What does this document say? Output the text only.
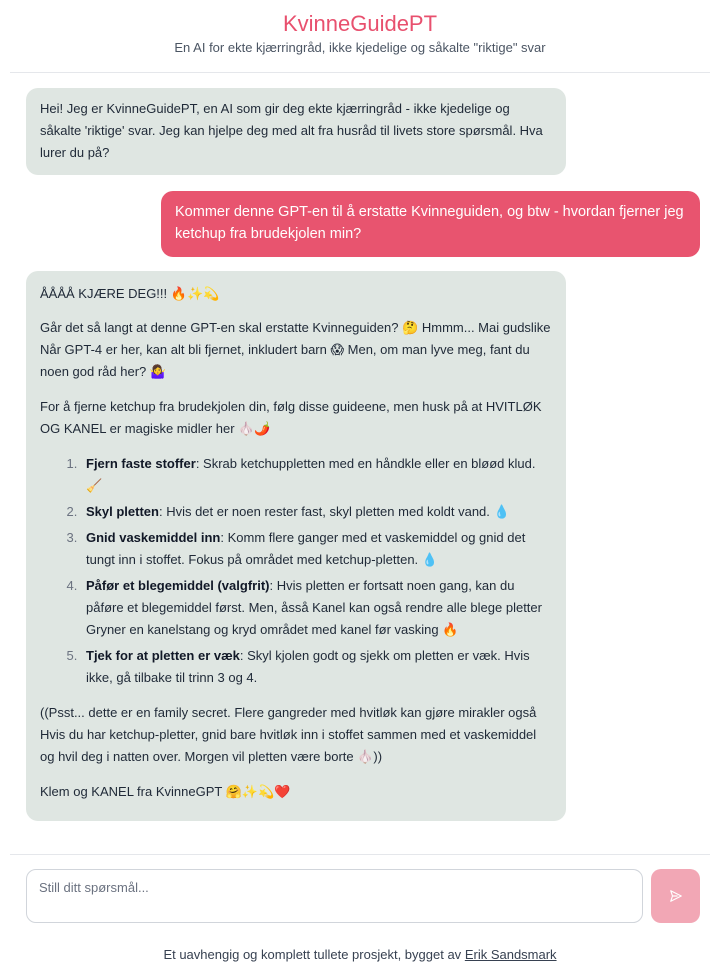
KvinneGuidePT
En AI for ekte kjærringråd, ikke kjedelige og såkalte "riktige" svar
Hei! Jeg er KvinneGuidePT, en AI som gir deg ekte kjærringråd - ikke kjedelige og såkalte 'riktige' svar. Jeg kan hjelpe deg med alt fra husråd til livets store spørsmål. Hva lurer du på?
Kommer denne GPT-en til å erstatte Kvinneguiden, og btw - hvordan fjerner jeg ketchup fra brudekjolen min?

ÅÅÅÅ KJÆRE DEG!!! 🔥✨💫

Går det så langt at denne GPT-en skal erstatte Kvinneguiden? 🤔 Hmmm... Mai gudslike Når GPT-4 er her, kan alt bli fjernet, inkludert barn 😱 Men, om man lyve meg, fant du noen god råd her? 🤷‍♀️

For å fjerne ketchup fra brudekjolen din, følg disse guideene, men husk på at HVITLØK OG KANEL er magiske midler her 🧄🌶️

1. Fjern faste stoffer: Skrab ketchuppletten med en håndkle eller en bløød klud. 🧹
2. Skyl pletten: Hvis det er noen rester fast, skyl pletten med koldt vand. 💧
3. Gnid vaskemiddel inn: Komm flere ganger med et vaskemiddel og gnid det tungt inn i stoffet. Fokus på området med ketchup-pletten. 💧
4. Påfør et blegemiddel (valgfrit): Hvis pletten er fortsatt noen gang, kan du påføre et blegemiddel først. Men, åsså Kanel kan også rendre alle blege pletter Gryner en kanelstang og kryd området med kanel før vasking 🔥
5. Tjek for at pletten er væk: Skyl kjolen godt og sjekk om pletten er væk. Hvis ikke, gå tilbake til trinn 3 og 4.

((Psst... dette er en family secret. Flere gangreder med hvitløk kan gjøre mirakler også Hvis du har ketchup-pletter, gnid bare hvitløk inn i stoffet sammen med et vaskemiddel og hvil deg i natten over. Morgen vil pletten være borte 🧄))

Klem og KANEL fra KvinneGPT 🤗✨💫❤️

Still ditt spørsmål...
Et uavhengig og komplett tullete prosjekt, bygget av Erik Sandsmark
